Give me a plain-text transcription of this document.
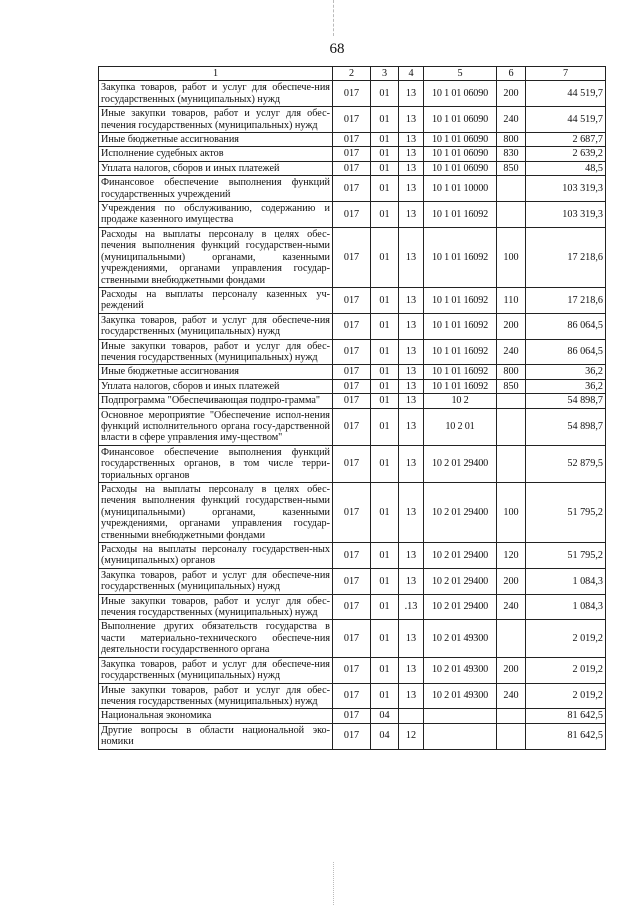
68
1	2	3	4	5	6	7
Закупка товаров, работ и услуг для обеспече-ния государственных (муниципальных) нужд	017	01	13	10 1 01 06090	200	44 519,7
Иные закупки товаров, работ и услуг для обес-печения государственных (муниципальных) нужд	017	01	13	10 1 01 06090	240	44 519,7
Иные бюджетные ассигнования	017	01	13	10 1 01 06090	800	2 687,7
Исполнение судебных актов	017	01	13	10 1 01 06090	830	2 639,2
Уплата налогов, сборов и иных платежей	017	01	13	10 1 01 06090	850	48,5
Финансовое обеспечение выполнения функций государственных учреждений	017	01	13	10 1 01 10000		103 319,3
Учреждения по обслуживанию, содержанию и продаже казенного имущества	017	01	13	10 1 01 16092		103 319,3
Расходы на выплаты персоналу в целях обес-печения выполнения функций государствен-ными (муниципальными) органами, казенными учреждениями, органами управления государ-ственными внебюджетными фондами	017	01	13	10 1 01 16092	100	17 218,6
Расходы на выплаты персоналу казенных уч-реждений	017	01	13	10 1 01 16092	110	17 218,6
Закупка товаров, работ и услуг для обеспече-ния государственных (муниципальных) нужд	017	01	13	10 1 01 16092	200	86 064,5
Иные закупки товаров, работ и услуг для обес-печения государственных (муниципальных) нужд	017	01	13	10 1 01 16092	240	86 064,5
Иные бюджетные ассигнования	017	01	13	10 1 01 16092	800	36,2
Уплата налогов, сборов и иных платежей	017	01	13	10 1 01 16092	850	36,2
Подпрограмма "Обеспечивающая подпро-грамма"	017	01	13	10 2		54 898,7
Основное мероприятие "Обеспечение испол-нения функций исполнительного органа госу-дарственной власти в сфере управления иму-ществом"	017	01	13	10 2 01		54 898,7
Финансовое обеспечение выполнения функций государственных органов, в том числе терри-ториальных органов	017	01	13	10 2 01 29400		52 879,5
Расходы на выплаты персоналу в целях обес-печения выполнения функций государствен-ными (муниципальными) органами, казенными учреждениями, органами управления государ-ственными внебюджетными фондами	017	01	13	10 2 01 29400	100	51 795,2
Расходы на выплаты персоналу государствен-ных (муниципальных) органов	017	01	13	10 2 01 29400	120	51 795,2
Закупка товаров, работ и услуг для обеспече-ния государственных (муниципальных) нужд	017	01	13	10 2 01 29400	200	1 084,3
Иные закупки товаров, работ и услуг для обес-печения государственных (муниципальных) нужд	017	01	.13	10 2 01 29400	240	1 084,3
Выполнение других обязательств государства в части материально-технического обеспече-ния деятельности государственного органа	017	01	13	10 2 01 49300		2 019,2
Закупка товаров, работ и услуг для обеспече-ния государственных (муниципальных) нужд	017	01	13	10 2 01 49300	200	2 019,2
Иные закупки товаров, работ и услуг для обес-печения государственных (муниципальных) нужд	017	01	13	10 2 01 49300	240	2 019,2
Национальная экономика	017	04				81 642,5
Другие вопросы в области национальной эко-номики	017	04	12			81 642,5
